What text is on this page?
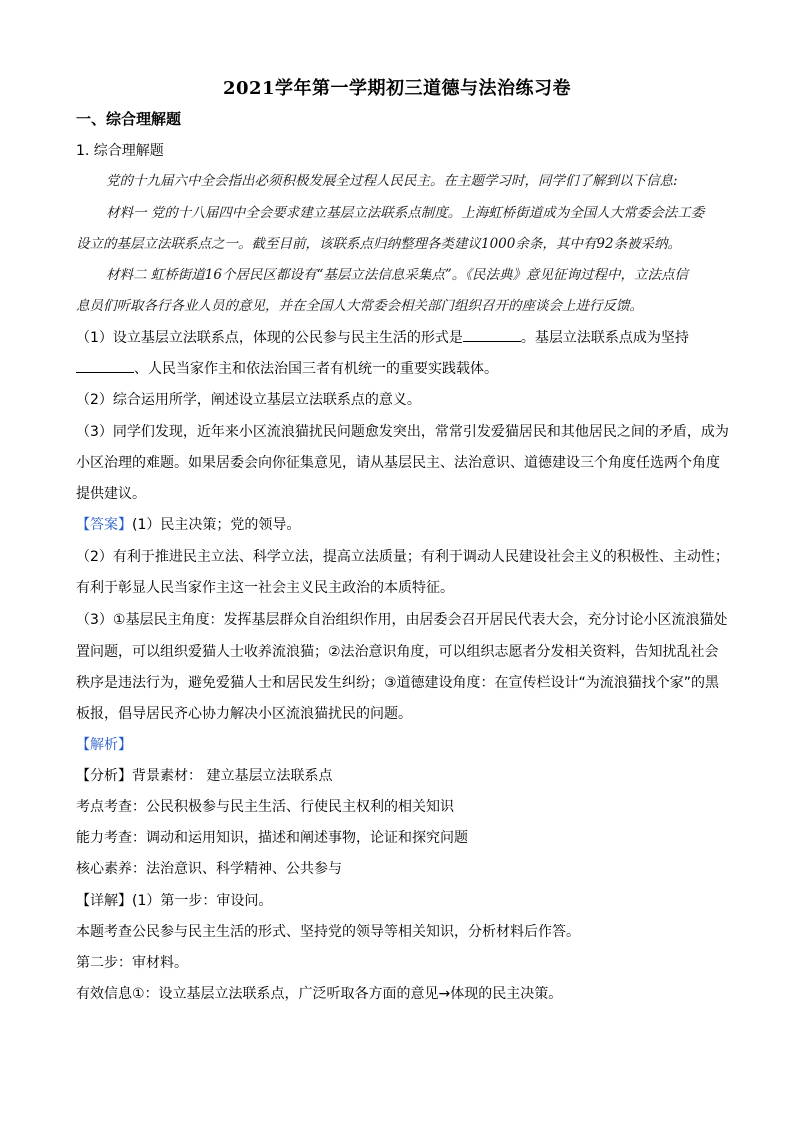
2021学年第一学期初三道德与法治练习卷
一、综合理解题
1. 综合理解题
党的十九届六中全会指出必须积极发展全过程人民民主。在主题学习时，同学们了解到以下信息:
材料一 党的十八届四中全会要求建立基层立法联系点制度。上海虹桥街道成为全国人大常委会法工委
设立的基层立法联系点之一。截至目前，该联系点归纳整理各类建议1000余条，其中有92条被采纳。
材料二 虹桥街道16个居民区都设有“基层立法信息采集点”。《民法典》意见征询过程中，立法点信
息员们听取各行各业人员的意见，并在全国人大常委会相关部门组织召开的座谈会上进行反馈。
（1）设立基层立法联系点，体现的公民参与民主生活的形式是	。基层立法联系点成为坚持
、人民当家作主和依法治国三者有机统一的重要实践载体。
（2）综合运用所学，阐述设立基层立法联系点的意义。
（3）同学们发现，近年来小区流浪猫扰民问题愈发突出，常常引发爱猫居民和其他居民之间的矛盾，成为
小区治理的难题。如果居委会向你征集意见，请从基层民主、法治意识、道德建设三个角度任选两个角度
提供建议。
【答案】(1）民主决策；党的领导。
（2）有利于推进民主立法、科学立法，提高立法质量；有利于调动人民建设社会主义的积极性、主动性；
有利于彰显人民当家作主这一社会主义民主政治的本质特征。
（3）①基层民主角度：发挥基层群众自治组织作用，由居委会召开居民代表大会，充分讨论小区流浪猫处
置问题，可以组织爱猫人士收养流浪猫；②法治意识角度，可以组织志愿者分发相关资料，告知扰乱社会
秩序是违法行为，避免爱猫人士和居民发生纠纷；③道德建设角度：在宣传栏设计“为流浪猫找个家”的黑
板报，倡导居民齐心协力解决小区流浪猫扰民的问题。
【解析】
【分析】背景素材： 建立基层立法联系点
考点考查：公民积极参与民主生活、行使民主权利的相关知识
能力考查：调动和运用知识，描述和阐述事物，论证和探究问题
核心素养：法治意识、科学精神、公共参与
【详解】(1）第一步：审设问。
本题考查公民参与民主生活的形式、坚持党的领导等相关知识，分析材料后作答。
第二步：审材料。
有效信息①：设立基层立法联系点，广泛听取各方面的意见→体现的民主决策。
